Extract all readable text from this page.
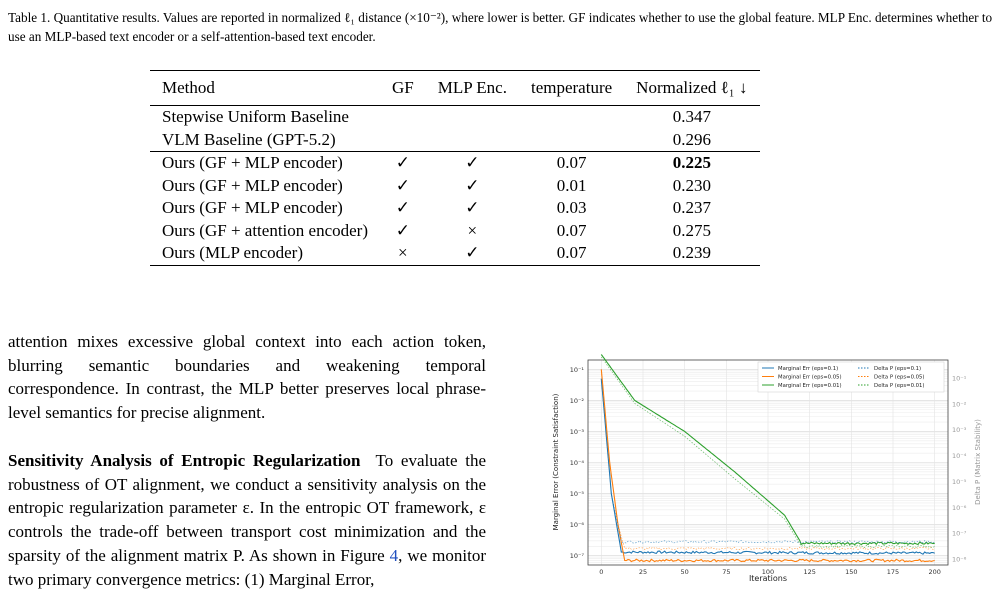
Table 1. Quantitative results. Values are reported in normalized ℓ₁ distance (×10⁻²), where lower is better. GF indicates whether to use the global feature. MLP Enc. determines whether to use an MLP-based text encoder or a self-attention-based text encoder.
Method	GF	MLP Enc.	temperature	Normalized ℓ₁ ↓
Stepwise Uniform Baseline				0.347
VLM Baseline (GPT-5.2)				0.296
Ours (GF + MLP encoder)	✓	✓	0.07	0.225
Ours (GF + MLP encoder)	✓	✓	0.01	0.230
Ours (GF + MLP encoder)	✓	✓	0.03	0.237
Ours (GF + attention encoder)	✓	×	0.07	0.275
Ours (MLP encoder)	×	✓	0.07	0.239
attention mixes excessive global context into each action token, blurring semantic boundaries and weakening temporal correspondence. In contrast, the MLP better preserves local phrase-level semantics for precise alignment.
Sensitivity Analysis of Entropic Regularization To evaluate the robustness of OT alignment, we conduct a sensitivity analysis on the entropic regularization parameter ε. In the entropic OT framework, ε controls the trade-off between transport cost minimization and the sparsity of the alignment matrix P. As shown in Figure 4, we monitor two primary convergence metrics: (1) Marginal Error,	0	25	50	75	100	125	150	175	200
10⁻¹
10⁻²
10⁻³
10⁻⁴
10⁻⁵
10⁻⁶
10⁻⁷
10⁻¹
10⁻²
10⁻³
10⁻⁴
10⁻⁵
10⁻⁶
10⁻⁷
10⁻⁸
Iterations
Marginal Error (Constraint Satisfaction)	Delta P (Matrix Stability)
Marginal Err (eps=0.1)
Marginal Err (eps=0.05)
Marginal Err (eps=0.01)
Delta P (eps=0.1)
Delta P (eps=0.05)
Delta P (eps=0.01)
